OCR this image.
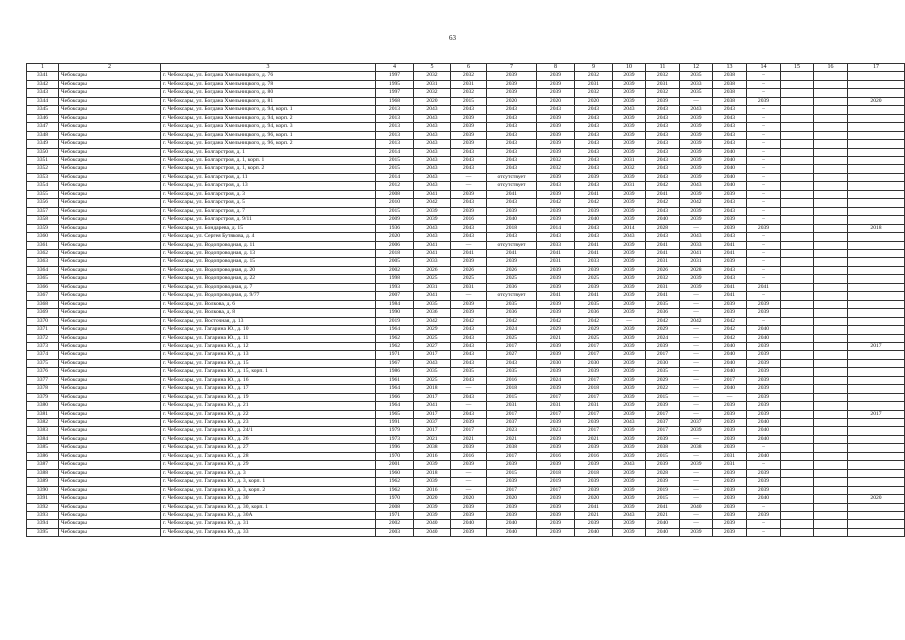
63
1	2	3	4	5	6	7	8	9	10	11	12	13	14	15	16	17
3341	Чебоксары	г. Чебоксары, ул. Богдана Хмельницкого, д. 76	1997	2032	2032	2039	2039	2032	2039	2032	2035	2038	–			
3342	Чебоксары	г. Чебоксары, ул. Богдана Хмельницкого, д. 78	1995	2031	2031	2039	2039	2031	2039	2031	2033	2038	–			
3343	Чебоксары	г. Чебоксары, ул. Богдана Хмельницкого, д. 80	1997	2032	2032	2039	2039	2032	2039	2032	2035	2038	–			
3344	Чебоксары	г. Чебоксары, ул. Богдана Хмельницкого, д. 81	1968	2020	2015	2020	2020	2020	2039	2039	—	2038	2039			2020
3345	Чебоксары	г. Чебоксары, ул. Богдана Хмельницкого, д. 94, корп. 1	2013	2043	2043	2043	2043	2043	2043	2043	2043	2043	–			
3346	Чебоксары	г. Чебоксары, ул. Богдана Хмельницкого, д. 94, корп. 2	2013	2043	2039	2043	2039	2043	2039	2043	2039	2043	–			
3347	Чебоксары	г. Чебоксары, ул. Богдана Хмельницкого, д. 94, корп. 3	2013	2043	2039	2043	2039	2043	2039	2043	2039	2043	–			
3348	Чебоксары	г. Чебоксары, ул. Богдана Хмельницкого, д. 96, корп. 1	2013	2043	2039	2043	2039	2043	2039	2043	2039	2043	–			
3349	Чебоксары	г. Чебоксары, ул. Богдана Хмельницкого, д. 96, корп. 2	2013	2043	2039	2043	2039	2043	2039	2043	2039	2043	–			
3350	Чебоксары	г. Чебоксары, ул. Болгарстроя, д. 1	2014	2043	2043	2043	2039	2043	2039	2043	2039	2040	–			
3351	Чебоксары	г. Чебоксары, ул. Болгарстроя, д. 1, корп. 1	2015	2043	2043	2043	2032	2043	2031	2043	2039	2040	–			
3352	Чебоксары	г. Чебоксары, ул. Болгарстроя, д. 1, корп. 2	2015	2043	2043	2043	2032	2043	2032	2043	2039	2040	–			
3353	Чебоксары	г. Чебоксары, ул. Болгарстроя, д. 11	2014	2043	—	отсутствует	2039	2039	2039	2043	2039	2040	–			
3354	Чебоксары	г. Чебоксары, ул. Болгарстроя, д. 13	2012	2043	—	отсутствует	2043	2043	2031	2042	2043	2040	–			
3355	Чебоксары	г. Чебоксары, ул. Болгарстроя, д. 3	2008	2041	2039	2041	2039	2041	2039	2041	2039	2039	–			
3356	Чебоксары	г. Чебоксары, ул. Болгарстроя, д. 5	2010	2042	2043	2043	2042	2042	2039	2042	2042	2043	–			
3357	Чебоксары	г. Чебоксары, ул. Болгарстроя, д. 7	2015	2039	2039	2039	2039	2039	2039	2043	2039	2043	–			
3358	Чебоксары	г. Чебоксары, ул. Болгарстроя, д. 9/11	2009	2039	2016	2040	2039	2040	2039	2040	2039	2039	–			
3359	Чебоксары	г. Чебоксары, ул. Бондарева, д. 15	1936	2043	2043	2018	2014	2043	2014	2028	—	2039	2039			2018
3360	Чебоксары	г. Чебоксары, ул. Сергея Бутякова, д. 4	2020	2043	2043	2043	2043	2043	2043	2043	2043	2043	–			
3361	Чебоксары	г. Чебоксары, ул. Водопроводная, д. 11	2006	2041	—	отсутствует	2033	2041	2039	2041	2033	2041	–			
3362	Чебоксары	г. Чебоксары, ул. Водопроводная, д. 13	2018	2041	2041	2041	2041	2041	2039	2041	2041	2041	–			
3363	Чебоксары	г. Чебоксары, ул. Водопроводная, д. 15	2005	2033	2039	2039	2031	2033	2039	2031	2031	2039	–			
3364	Чебоксары	г. Чебоксары, ул. Водопроводная, д. 20	2002	2026	2026	2026	2039	2039	2039	2026	2028	2043	–			
3365	Чебоксары	г. Чебоксары, ул. Водопроводная, д. 22	1998	2025	2025	2025	2039	2025	2039	2032	2039	2043	–			
3366	Чебоксары	г. Чебоксары, ул. Водопроводная, д. 7	1993	2031	2031	2036	2039	2039	2039	2031	2039	2041	2041			
3367	Чебоксары	г. Чебоксары, ул. Водопроводная, д. 9/77	2007	2041	—	отсутствует	2041	2041	2039	2041	—	2041	–			
3368	Чебоксары	г. Чебоксары, ул. Волкова, д. 6	1984	2035	2039	2035	2039	2035	2039	2035	—	2039	2039			
3369	Чебоксары	г. Чебоксары, ул. Волкова, д. 8	1990	2036	2039	2036	2039	2036	2039	2036	—	2039	2039			
3370	Чебоксары	г. Чебоксары, ул. Восточная, д. 13	2019	2042	2042	2042	2042	2042	—	2042	2042	2042	–			
3371	Чебоксары	г. Чебоксары, ул. Гагарина Ю., д. 10	1964	2029	2043	2024	2029	2029	2039	2029	—	2042	2040			
3372	Чебоксары	г. Чебоксары, ул. Гагарина Ю., д. 11	1962	2025	2043	2025	2021	2025	2039	2024	—	2042	2040			
3373	Чебоксары	г. Чебоксары, ул. Гагарина Ю., д. 12	1962	2027	2043	2017	2039	2017	2039	2039	—	2040	2039			2017
3374	Чебоксары	г. Чебоксары, ул. Гагарина Ю., д. 13	1971	2017	2043	2027	2039	2017	2039	2017	—	2040	2039			
3375	Чебоксары	г. Чебоксары, ул. Гагарина Ю., д. 15	1967	2043	2043	2043	2030	2030	2039	2030	—	2040	2039			
3376	Чебоксары	г. Чебоксары, ул. Гагарина Ю., д. 15, корп. 1	1986	2035	2035	2035	2039	2039	2039	2035	—	2040	2039			
3377	Чебоксары	г. Чебоксары, ул. Гагарина Ю., д. 16	1961	2025	2043	2016	2024	2017	2039	2029	—	2017	2039			
3378	Чебоксары	г. Чебоксары, ул. Гагарина Ю., д. 17	1964	2018	—	2018	2039	2018	2039	2022	—	2040	2039			
3379	Чебоксары	г. Чебоксары, ул. Гагарина Ю., д. 19	1966	2017	2043	2015	2017	2017	2039	2015	—	—	2039			
3380	Чебоксары	г. Чебоксары, ул. Гагарина Ю., д. 21	1964	2041	—	2031	2031	2031	2039	2039	—	2039	2039			
3381	Чебоксары	г. Чебоксары, ул. Гагарина Ю., д. 22	1965	2017	2043	2017	2017	2017	2039	2017	—	2039	2039			2017
3382	Чебоксары	г. Чебоксары, ул. Гагарина Ю., д. 23	1991	2037	2039	2037	2039	2039	2043	2037	2037	2039	2040			
3383	Чебоксары	г. Чебоксары, ул. Гагарина Ю., д. 24/1	1979	2017	2017	2023	2023	2017	2039	2017	2039	2039	2040			
3384	Чебоксары	г. Чебоксары, ул. Гагарина Ю., д. 26	1973	2021	2021	2021	2039	2021	2039	2039	—	2039	2040			
3385	Чебоксары	г. Чебоксары, ул. Гагарина Ю., д. 27	1996	2038	2039	2038	2039	2039	2039	2038	2038	2039	–			
3386	Чебоксары	г. Чебоксары, ул. Гагарина Ю., д. 28	1970	2016	2016	2017	2016	2016	2039	2015	—	2031	2040			
3387	Чебоксары	г. Чебоксары, ул. Гагарина Ю., д. 29	2001	2039	2039	2039	2039	2039	2043	2039	2039	2031	–			
3388	Чебоксары	г. Чебоксары, ул. Гагарина Ю., д. 3	1960	2018	—	2015	2018	2018	2039	2028	—	2039	2039			
3389	Чебоксары	г. Чебоксары, ул. Гагарина Ю., д. 3, корп. 1	1962	2039	—	2039	2019	2039	2039	2039	—	2039	2039			
3390	Чебоксары	г. Чебоксары, ул. Гагарина Ю., д. 3, корп. 2	1962	2016	—	2017	2017	2039	2039	2019	—	2039	2039			
3391	Чебоксары	г. Чебоксары, ул. Гагарина Ю., д. 30	1970	2020	2020	2020	2039	2020	2039	2015	—	2039	2040			2020
3392	Чебоксары	г. Чебоксары, ул. Гагарина Ю., д. 30, корп. 1	2008	2039	2039	2039	2039	2041	2039	2041	2040	2039	–			
3393	Чебоксары	г. Чебоксары, ул. Гагарина Ю., д. 30А	1971	2039	2039	2039	2039	2021	2043	2021	—	2039	2039			
3394	Чебоксары	г. Чебоксары, ул. Гагарина Ю., д. 31	2002	2040	2040	2040	2039	2039	2039	2040	—	2039	–			
3395	Чебоксары	г. Чебоксары, ул. Гагарина Ю., д. 33	2003	2040	2039	2040	2039	2040	2039	2040	2039	2039	–			
